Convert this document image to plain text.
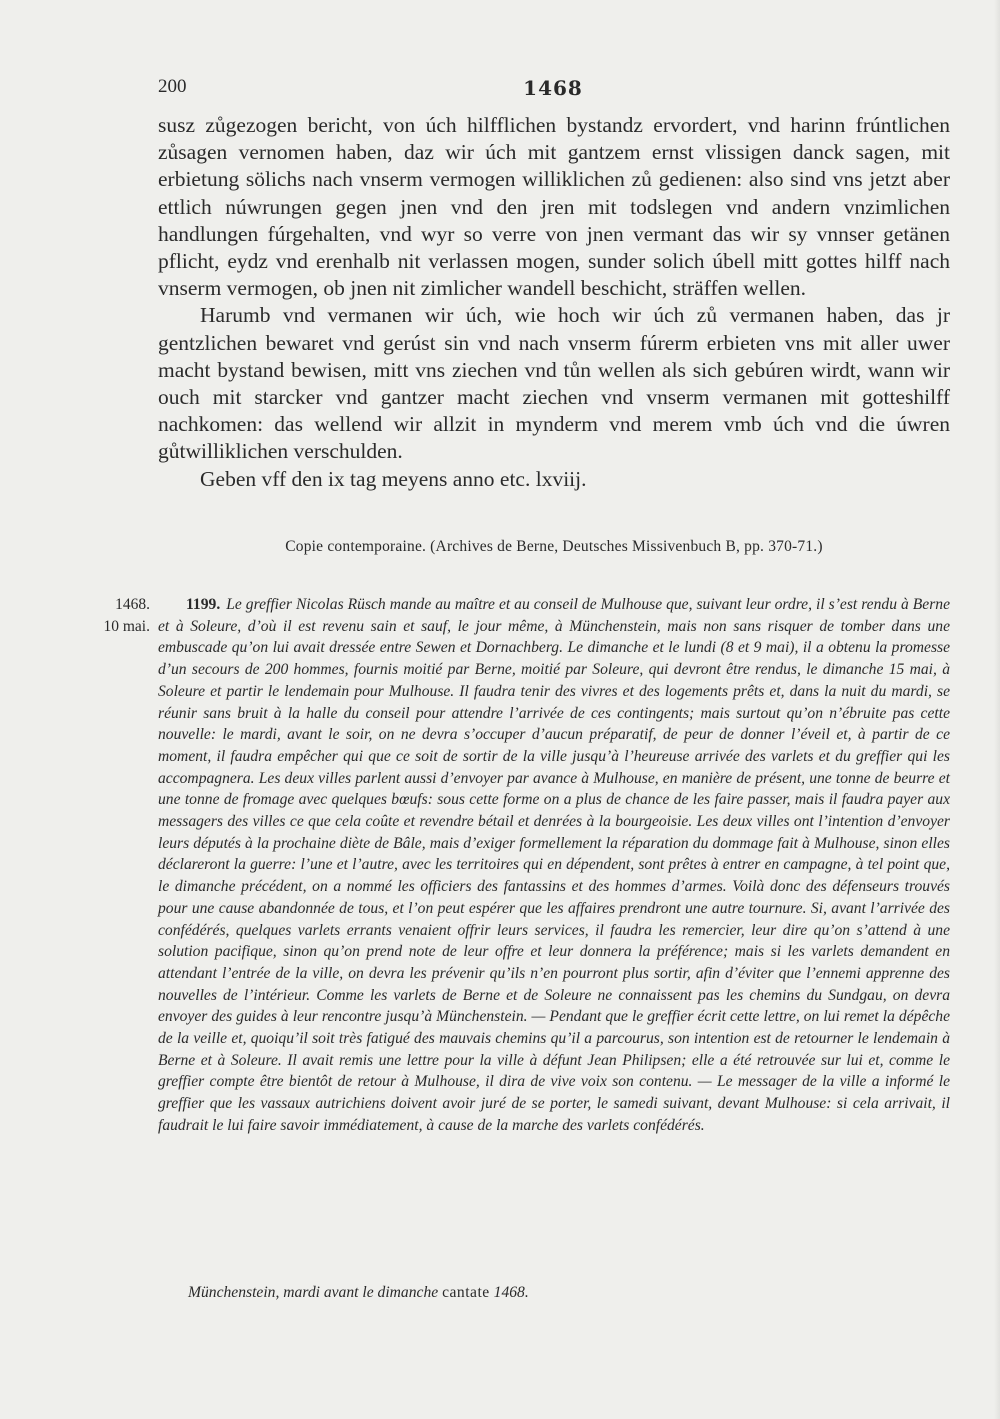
200	1468

susz zůgezogen bericht, von úch hilfflichen bystandz ervordert, vnd harinn frúntlichen zůsagen vernomen haben, daz wir úch mit gantzem ernst vlissigen danck sagen, mit erbietung sölichs nach vnserm vermogen williklichen zů gedienen: also sind vns jetzt aber ettlich núwrungen gegen jnen vnd den jren mit todslegen vnd andern vnzimlichen handlungen fúrgehalten, vnd wyr so verre von jnen vermant das wir sy vnnser getänen pflicht, eydz vnd erenhalb nit verlassen mogen, sunder solich úbell mitt gottes hilff nach vnserm vermogen, ob jnen nit zimlicher wandell beschicht, sträffen wellen.

Harumb vnd vermanen wir úch, wie hoch wir úch zů vermanen haben, das jr gentzlichen bewaret vnd gerúst sin vnd nach vnserm fúrerm erbieten vns mit aller uwer macht bystand bewisen, mitt vns ziechen vnd tůn wellen als sich gebúren wirdt, wann wir ouch mit starcker vnd gantzer macht ziechen vnd vnserm vermanen mit gotteshilff nachkomen: das wellend wir allzit in mynderm vnd merem vmb úch vnd die úwren gůtwilliklichen verschulden.

Geben vff den ix tag meyens anno etc. lxviij.

Copie contemporaine. (Archives de Berne, Deutsches Missivenbuch B, pp. 370-71.)
1468.
10 mai.
1199. Le greffier Nicolas Rüsch mande au maître et au conseil de Mulhouse que, suivant leur ordre, il s’est rendu à Berne et à Soleure, d’où il est revenu sain et sauf, le jour même, à Münchenstein, mais non sans risquer de tomber dans une embuscade qu’on lui avait dressée entre Sewen et Dornachberg. Le dimanche et le lundi (8 et 9 mai), il a obtenu la promesse d’un secours de 200 hommes, fournis moitié par Berne, moitié par Soleure, qui devront être rendus, le dimanche 15 mai, à Soleure et partir le lendemain pour Mulhouse. Il faudra tenir des vivres et des logements prêts et, dans la nuit du mardi, se réunir sans bruit à la halle du conseil pour attendre l’arrivée de ces contingents; mais surtout qu’on n’ébruite pas cette nouvelle: le mardi, avant le soir, on ne devra s’occuper d’aucun préparatif, de peur de donner l’éveil et, à partir de ce moment, il faudra empêcher qui que ce soit de sortir de la ville jusqu’à l’heureuse arrivée des varlets et du greffier qui les accompagnera. Les deux villes parlent aussi d’envoyer par avance à Mulhouse, en manière de présent, une tonne de beurre et une tonne de fromage avec quelques bœufs: sous cette forme on a plus de chance de les faire passer, mais il faudra payer aux messagers des villes ce que cela coûte et revendre bétail et denrées à la bourgeoisie. Les deux villes ont l’intention d’envoyer leurs députés à la prochaine diète de Bâle, mais d’exiger formellement la réparation du dommage fait à Mulhouse, sinon elles déclareront la guerre: l’une et l’autre, avec les territoires qui en dépendent, sont prêtes à entrer en campagne, à tel point que, le dimanche précédent, on a nommé les officiers des fantassins et des hommes d’armes. Voilà donc des défenseurs trouvés pour une cause abandonnée de tous, et l’on peut espérer que les affaires prendront une autre tournure. Si, avant l’arrivée des confédérés, quelques varlets errants venaient offrir leurs services, il faudra les remercier, leur dire qu’on s’attend à une solution pacifique, sinon qu’on prend note de leur offre et leur donnera la préférence; mais si les varlets demandent en attendant l’entrée de la ville, on devra les prévenir qu’ils n’en pourront plus sortir, afin d’éviter que l’ennemi apprenne des nouvelles de l’intérieur. Comme les varlets de Berne et de Soleure ne connaissent pas les chemins du Sundgau, on devra envoyer des guides à leur rencontre jusqu’à Münchenstein. — Pendant que le greffier écrit cette lettre, on lui remet la dépêche de la veille et, quoiqu’il soit très fatigué des mauvais chemins qu’il a parcourus, son intention est de retourner le lendemain à Berne et à Soleure. Il avait remis une lettre pour la ville à défunt Jean Philipsen; elle a été retrouvée sur lui et, comme le greffier compte être bientôt de retour à Mulhouse, il dira de vive voix son contenu. — Le messager de la ville a informé le greffier que les vassaux autrichiens doivent avoir juré de se porter, le samedi suivant, devant Mulhouse: si cela arrivait, il faudrait le lui faire savoir immédiatement, à cause de la marche des varlets confédérés.
Münchenstein, mardi avant le dimanche cantate 1468.
